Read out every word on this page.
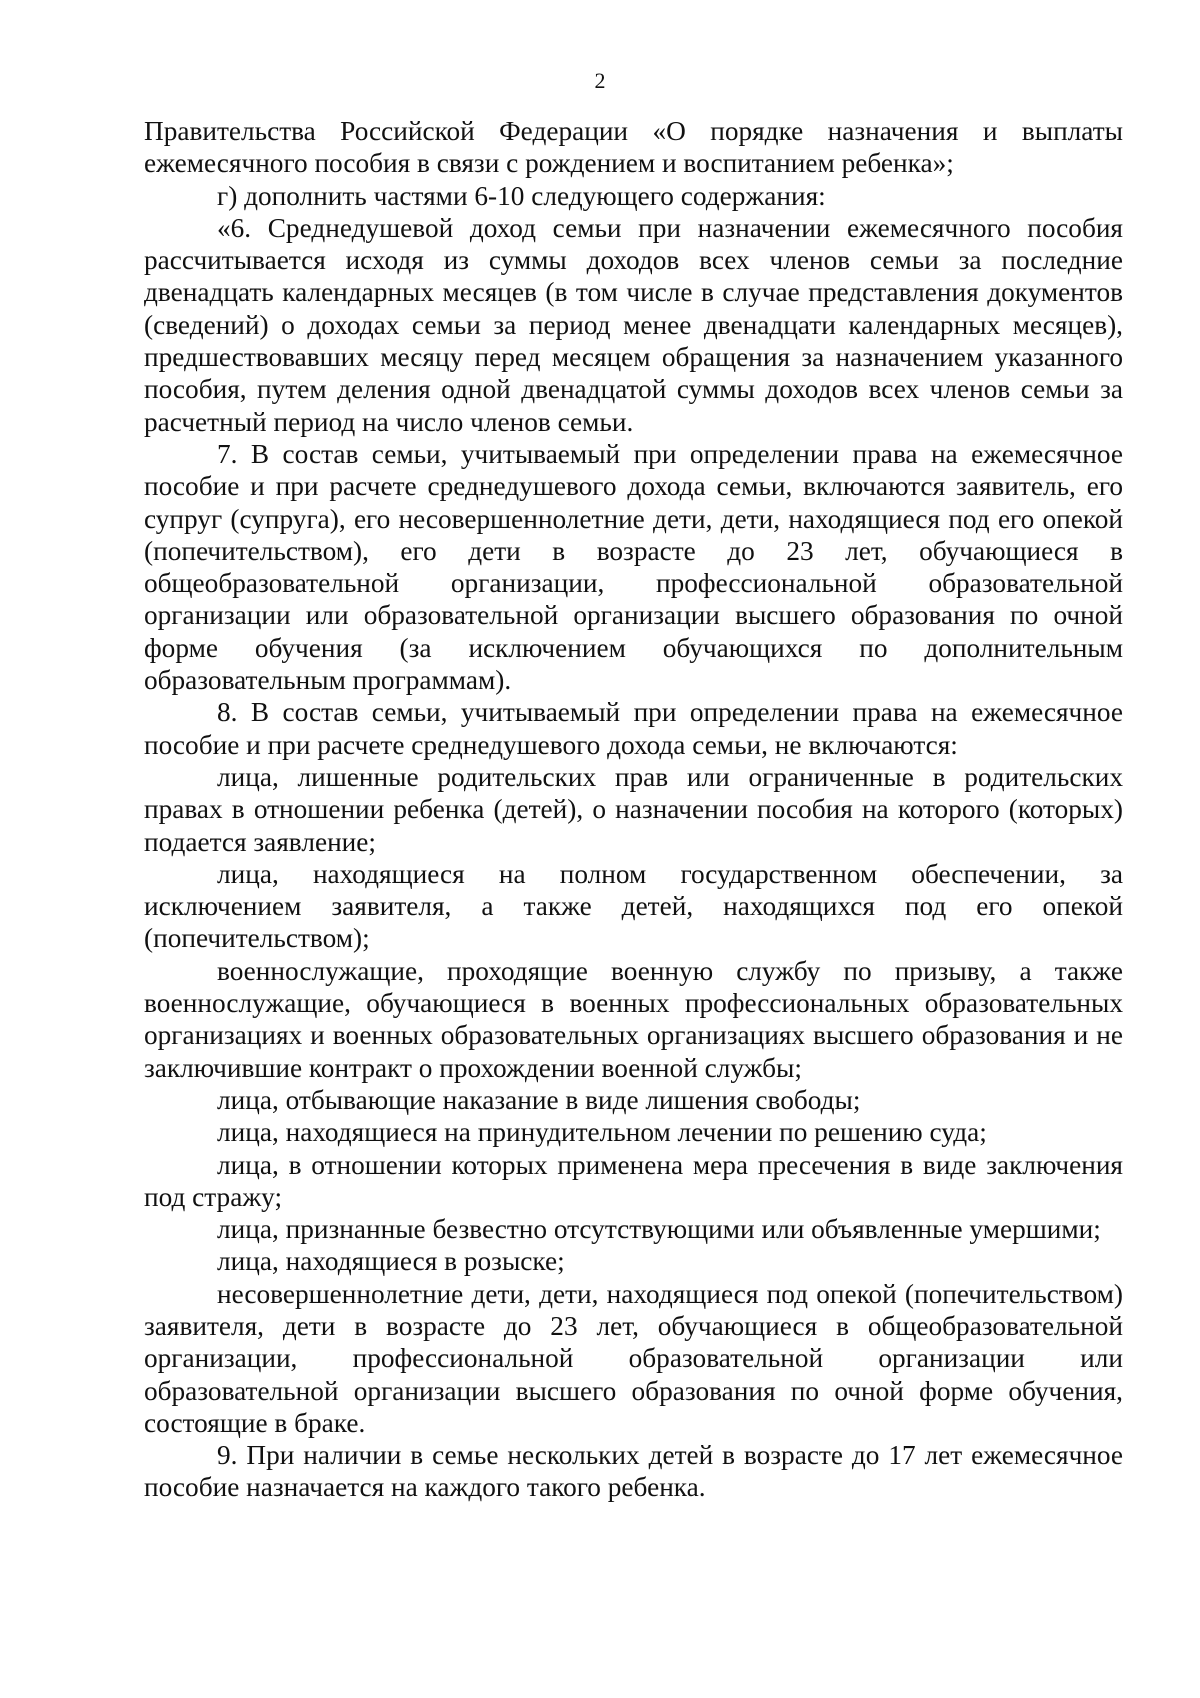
2

Правительства Российской Федерации «О порядке назначения и выплаты ежемесячного пособия в связи с рождением и воспитанием ребенка»;

г) дополнить частями 6-10 следующего содержания:

«6. Среднедушевой доход семьи при назначении ежемесячного пособия рассчитывается исходя из суммы доходов всех членов семьи за последние двенадцать календарных месяцев (в том числе в случае представления документов (сведений) о доходах семьи за период менее двенадцати календарных месяцев), предшествовавших месяцу перед месяцем обращения за назначением указанного пособия, путем деления одной двенадцатой суммы доходов всех членов семьи за расчетный период на число членов семьи.

7. В состав семьи, учитываемый при определении права на ежемесячное пособие и при расчете среднедушевого дохода семьи, включаются заявитель, его супруг (супруга), его несовершеннолетние дети, дети, находящиеся под его опекой (попечительством), его дети в возрасте до 23 лет, обучающиеся в общеобразовательной организации, профессиональной образовательной организации или образовательной организации высшего образования по очной форме обучения (за исключением обучающихся по дополнительным образовательным программам).

8. В состав семьи, учитываемый при определении права на ежемесячное пособие и при расчете среднедушевого дохода семьи, не включаются:

лица, лишенные родительских прав или ограниченные в родительских правах в отношении ребенка (детей), о назначении пособия на которого (которых) подается заявление;

лица, находящиеся на полном государственном обеспечении, за исключением заявителя, а также детей, находящихся под его опекой (попечительством);

военнослужащие, проходящие военную службу по призыву, а также военнослужащие, обучающиеся в военных профессиональных образовательных организациях и военных образовательных организациях высшего образования и не заключившие контракт о прохождении военной службы;

лица, отбывающие наказание в виде лишения свободы;

лица, находящиеся на принудительном лечении по решению суда;

лица, в отношении которых применена мера пресечения в виде заключения под стражу;

лица, признанные безвестно отсутствующими или объявленные умершими;

лица, находящиеся в розыске;

несовершеннолетние дети, дети, находящиеся под опекой (попечительством) заявителя, дети в возрасте до 23 лет, обучающиеся в общеобразовательной организации, профессиональной образовательной организации или образовательной организации высшего образования по очной форме обучения, состоящие в браке.

9. При наличии в семье нескольких детей в возрасте до 17 лет ежемесячное пособие назначается на каждого такого ребенка.
